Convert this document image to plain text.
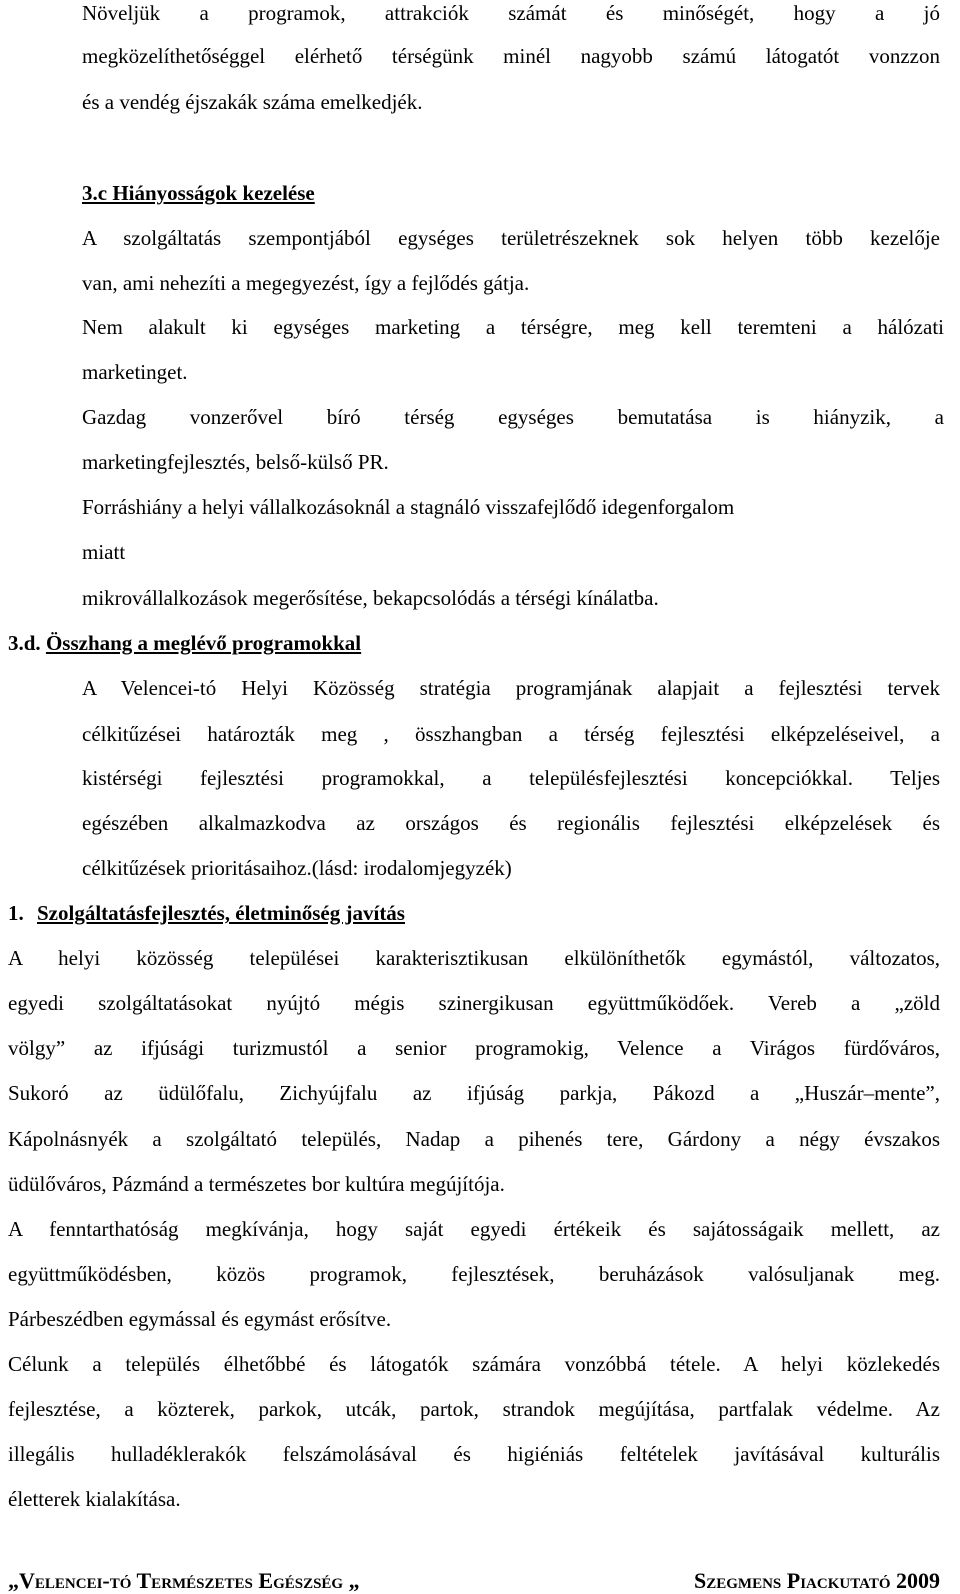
Növeljük a programok, attrakciók számát és minőségét, hogy a jó
megközelíthetőséggel elérhető térségünk minél nagyobb számú látogatót vonzzon
és a vendég éjszakák száma emelkedjék.
3.c Hiányosságok kezelése
A szolgáltatás szempontjából egységes területrészeknek sok helyen több kezelője
van, ami nehezíti a megegyezést, így a fejlődés gátja.
Nem alakult ki egységes marketing a térségre, meg kell teremteni a hálózati
marketinget.
Gazdag vonzerővel bíró térség egységes bemutatása is hiányzik, a
marketingfejlesztés, belső-külső PR.
Forráshiány a helyi vállalkozásoknál a stagnáló visszafejlődő idegenforgalom
miatt
mikrovállalkozások megerősítése, bekapcsolódás a térségi kínálatba.
3.d. Összhang a meglévő programokkal
A Velencei-tó Helyi Közösség stratégia programjának alapjait a fejlesztési tervek
célkitűzései határozták meg , összhangban a térség fejlesztési elképzeléseivel, a
kistérségi fejlesztési programokkal, a településfejlesztési koncepciókkal. Teljes
egészében alkalmazkodva az országos és regionális fejlesztési elképzelések és
célkitűzések prioritásaihoz.(lásd: irodalomjegyzék)
1. Szolgáltatásfejlesztés, életminőség javítás
A helyi közösség települései karakterisztikusan elkülöníthetők egymástól, változatos,
egyedi szolgáltatásokat nyújtó mégis szinergikusan együttműködőek. Vereb a „zöld
völgy” az ifjúsági turizmustól a senior programokig, Velence a Virágos fürdőváros,
Sukoró az üdülőfalu, Zichyújfalu az ifjúság parkja, Pákozd a „Huszár–mente”,
Kápolnásnyék a szolgáltató település, Nadap a pihenés tere, Gárdony a négy évszakos
üdülőváros, Pázmánd a természetes bor kultúra megújítója.
A fenntarthatóság megkívánja, hogy saját egyedi értékeik és sajátosságaik mellett, az
együttműködésben, közös programok, fejlesztések, beruházások valósuljanak meg.
Párbeszédben egymással és egymást erősítve.
Célunk a település élhetőbbé és látogatók számára vonzóbbá tétele. A helyi közlekedés
fejlesztése, a közterek, parkok, utcák, partok, strandok megújítása, partfalak védelme. Az
illegális hulladéklerakók felszámolásával és higiéniás feltételek javításával kulturális
életterek kialakítása.
„Velencei-tó Természetes Egészség „	Szegmens Piackutató 2009
